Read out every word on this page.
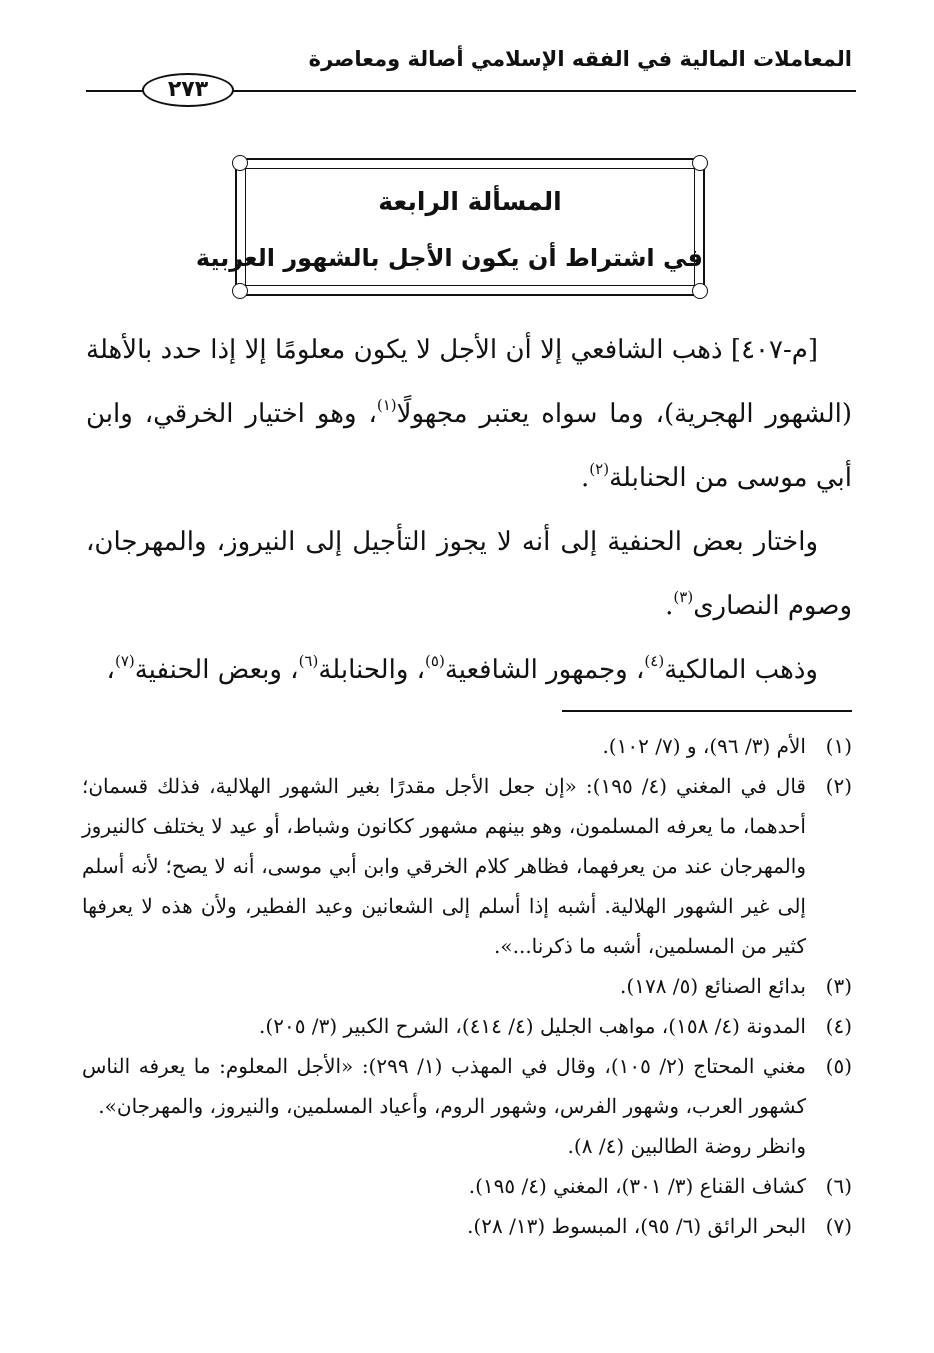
المعاملات المالية في الفقه الإسلامي أصالة ومعاصرة
٢٧٣
المسألة الرابعة
في اشتراط أن يكون الأجل بالشهور العربية

[م-٤٠٧] ذهب الشافعي إلا أن الأجل لا يكون معلومًا إلا إذا حدد بالأهلة (الشهور الهجرية)، وما سواه يعتبر مجهولًا$^{(١)}$، وهو اختيار الخرقي، وابن أبي موسى من الحنابلة$^{(٢)}$.

واختار بعض الحنفية إلى أنه لا يجوز التأجيل إلى النيروز، والمهرجان، وصوم النصارى$^{(٣)}$.

وذهب المالكية$^{(٤)}$، وجمهور الشافعية$^{(٥)}$، والحنابلة$^{(٦)}$، وبعض الحنفية$^{(٧)}$،

(١)
الأم (٣/ ٩٦)، و (٧/ ١٠٢).
(٢)
قال في المغني (٤/ ١٩٥): «إن جعل الأجل مقدرًا بغير الشهور الهلالية، فذلك قسمان؛ أحدهما، ما يعرفه المسلمون، وهو بينهم مشهور ككانون وشباط، أو عيد لا يختلف كالنيروز والمهرجان عند من يعرفهما، فظاهر كلام الخرقي وابن أبي موسى، أنه لا يصح؛ لأنه أسلم إلى غير الشهور الهلالية. أشبه إذا أسلم إلى الشعانين وعيد الفطير، ولأن هذه لا يعرفها كثير من المسلمين، أشبه ما ذكرنا...».
(٣)
بدائع الصنائع (٥/ ١٧٨).
(٤)
المدونة (٤/ ١٥٨)، مواهب الجليل (٤/ ٤١٤)، الشرح الكبير (٣/ ٢٠٥).
(٥)
مغني المحتاج (٢/ ١٠٥)، وقال في المهذب (١/ ٢٩٩): «الأجل المعلوم: ما يعرفه الناس كشهور العرب، وشهور الفرس، وشهور الروم، وأعياد المسلمين، والنيروز، والمهرجان».
وانظر روضة الطالبين (٤/ ٨).
(٦)
كشاف القناع (٣/ ٣٠١)، المغني (٤/ ١٩٥).
(٧)
البحر الرائق (٦/ ٩٥)، المبسوط (١٣/ ٢٨).
